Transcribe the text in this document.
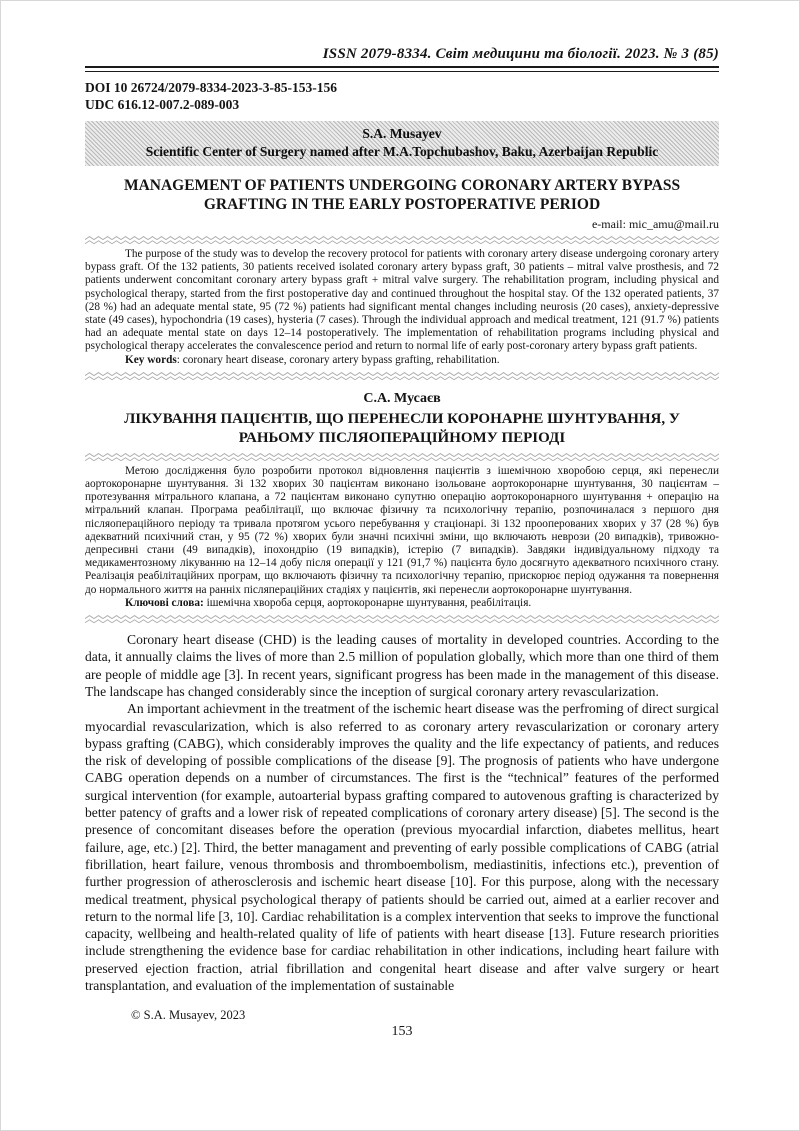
ISSN 2079-8334. Світ медицини та біології. 2023. № 3 (85)
DOI 10 26724/2079-8334-2023-3-85-153-156
UDC 616.12-007.2-089-003
S.A. Musayev
Scientific Center of Surgery named after M.A.Topchubashov, Baku, Azerbaijan Republic
MANAGEMENT OF PATIENTS UNDERGOING CORONARY ARTERY BYPASS GRAFTING IN THE EARLY POSTOPERATIVE PERIOD
e-mail: mic_amu@mail.ru

The purpose of the study was to develop the recovery protocol for patients with coronary artery disease undergoing coronary artery bypass graft. Of the 132 patients, 30 patients received isolated coronary artery bypass graft, 30 patients – mitral valve prosthesis, and 72 patients underwent concomitant coronary artery bypass graft + mitral valve surgery. The rehabilitation program, including physical and psychological therapy, started from the first postoperative day and continued throughout the hospital stay. Of the 132 operated patients, 37 (28 %) had an adequate mental state, 95 (72 %) patients had significant mental changes including neurosis (20 cases), anxiety-depressive state (49 cases), hypochondria (19 cases), hysteria (7 cases). Through the individual approach and medical treatment, 121 (91.7 %) patients had an adequate mental state on days 12–14 postoperatively. The implementation of rehabilitation programs including physical and psychological therapy accelerates the convalescence period and return to normal life of early post-coronary artery bypass graft patients.

Key words: coronary heart disease, coronary artery bypass grafting, rehabilitation.

С.А. Мусаєв
ЛІКУВАННЯ ПАЦІЄНТІВ, ЩО ПЕРЕНЕСЛИ КОРОНАРНЕ ШУНТУВАННЯ, У РАНЬОМУ ПІСЛЯОПЕРАЦІЙНОМУ ПЕРІОДІ

Метою дослідження було розробити протокол відновлення пацієнтів з ішемічною хворобою серця, які перенесли аортокоронарне шунтування. Зі 132 хворих 30 пацієнтам виконано ізольоване аортокоронарне шунтування, 30 пацієнтам – протезування мітрального клапана, а 72 пацієнтам виконано супутню операцію аортокоронарного шунтування + операцію на мітральний клапан. Програма реабілітації, що включає фізичну та психологічну терапію, розпочиналася з першого дня післяопераційного періоду та тривала протягом усього перебування у стаціонарі. Зі 132 прооперованих хворих у 37 (28 %) був адекватний психічний стан, у 95 (72 %) хворих були значні психічні зміни, що включають неврози (20 випадків), тривожно-депресивні стани (49 випадків), іпохондрію (19 випадків), істерію (7 випадків). Завдяки індивідуальному підходу та медикаментозному лікуванню на 12–14 добу після операції у 121 (91,7 %) пацієнта було досягнуто адекватного психічного стану. Реалізація реабілітаційних програм, що включають фізичну та психологічну терапію, прискорює період одужання та повернення до нормального життя на ранніх післяпераційних стадіях у пацієнтів, які перенесли аортокоронарне шунтування.

Ключові слова: ішемічна хвороба серця, аортокоронарне шунтування, реабілітація.

Coronary heart disease (CHD) is the leading causes of mortality in developed countries. According to the data, it annually claims the lives of more than 2.5 million of population globally, which more than one third of them are people of middle age [3]. In recent years, significant progress has been made in the management of this disease. The landscape has changed considerably since the inception of surgical coronary artery revascularization.

An important achievment in the treatment of the ischemic heart disease was the perfroming of direct surgical myocardial revascularization, which is also referred to as coronary artery revascularization or coronary artery bypass grafting (CABG), which considerably improves the quality and the life expectancy of patients, and reduces the risk of developing of possible complications of the disease [9]. The prognosis of patients who have undergone CABG operation depends on a number of circumstances. The first is the “technical” features of the performed surgical intervention (for example, autoarterial bypass grafting compared to autovenous grafting is characterized by better patency of grafts and a lower risk of repeated complications of coronary artery disease) [5]. The second is the presence of concomitant diseases before the operation (previous myocardial infarction, diabetes mellitus, heart failure, age, etc.) [2]. Third, the better managament and preventing of early possible complications of CABG (atrial fibrillation, heart failure, venous thrombosis and thromboembolism, mediastinitis, infections etc.), prevention of further progression of atherosclerosis and ischemic heart disease [10]. For this purpose, along with the necessary medical treatment, physical psychological therapy of patients should be carried out, aimed at a earlier recover and return to the normal life [3, 10]. Cardiac rehabilitation is a complex intervention that seeks to improve the functional capacity, wellbeing and health-related quality of life of patients with heart disease [13]. Future research priorities include strengthening the evidence base for cardiac rehabilitation in other indications, including heart failure with preserved ejection fraction, atrial fibrillation and congenital heart disease and after valve surgery or heart transplantation, and evaluation of the implementation of sustainable

© S.A. Musayev, 2023
153
